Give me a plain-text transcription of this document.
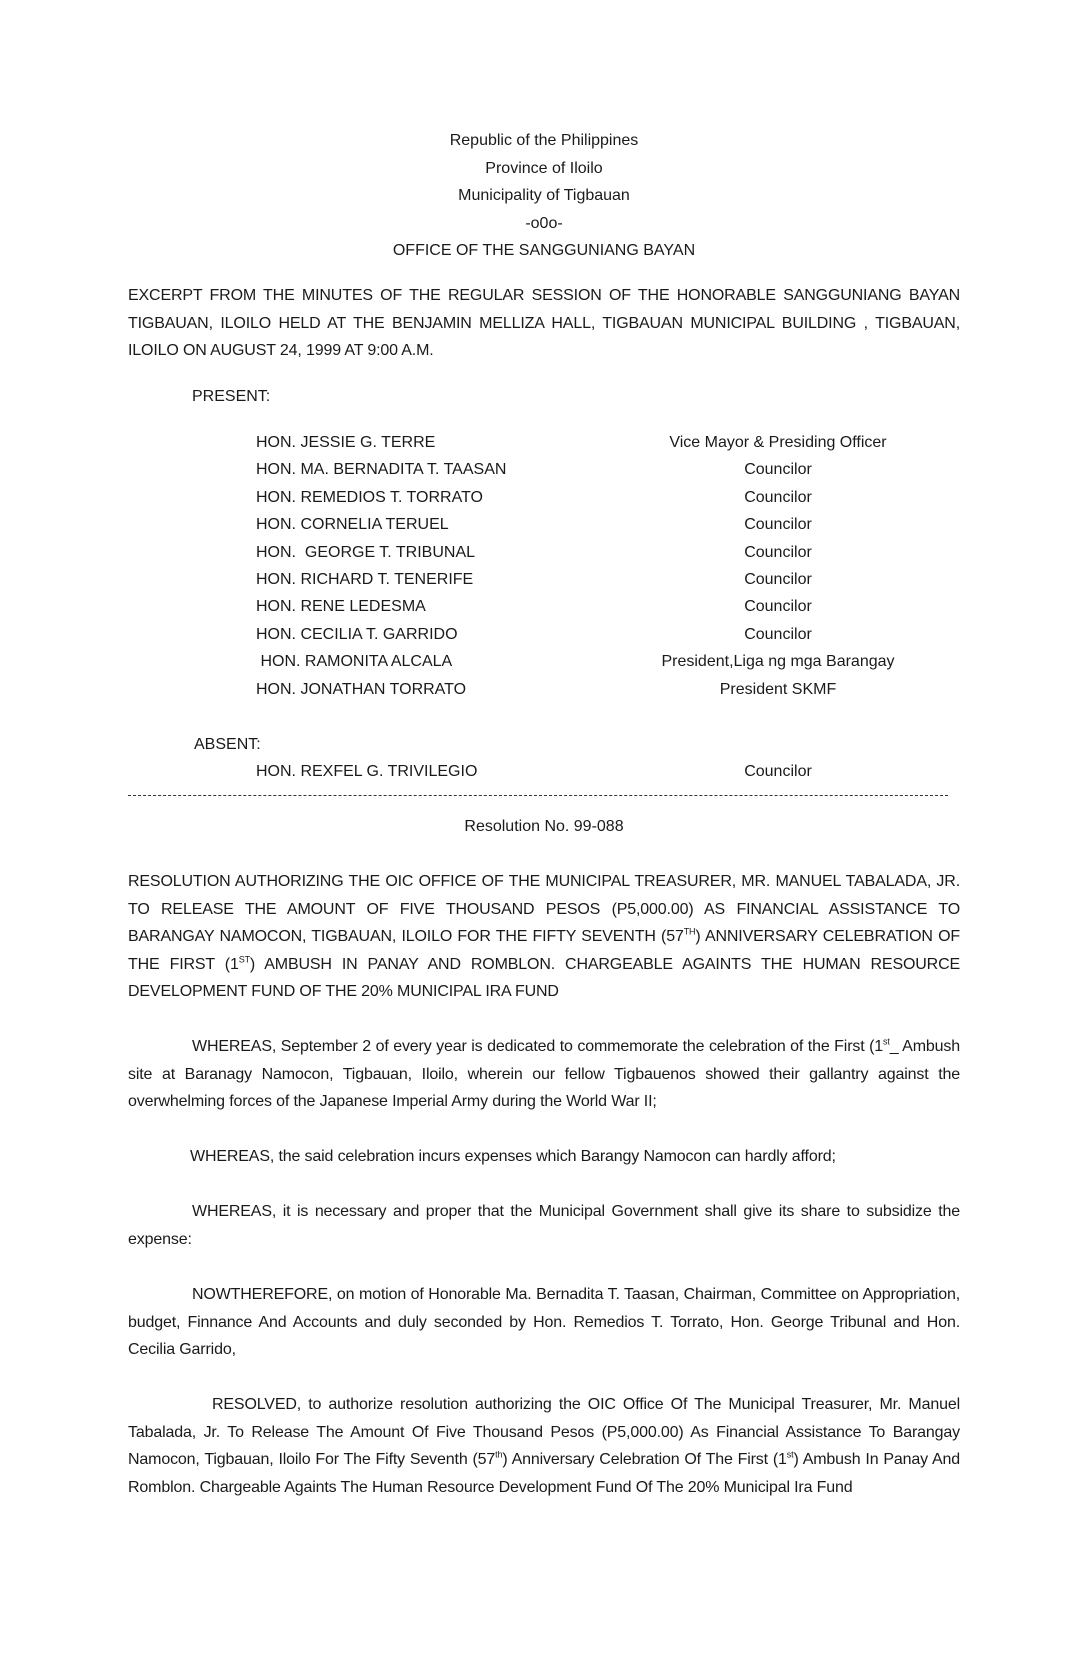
Republic of the Philippines
Province of Iloilo
Municipality of Tigbauan
-o0o-
OFFICE OF THE SANGGUNIANG BAYAN
EXCERPT FROM THE MINUTES OF THE REGULAR SESSION OF THE HONORABLE SANGGUNIANG BAYAN TIGBAUAN, ILOILO HELD AT THE BENJAMIN MELLIZA HALL, TIGBAUAN MUNICIPAL BUILDING , TIGBAUAN, ILOILO ON AUGUST 24, 1999 AT 9:00 A.M.
PRESENT:
HON. JESSIE G. TERRE	Vice Mayor & Presiding Officer
HON. MA. BERNADITA T. TAASAN	Councilor
HON. REMEDIOS T. TORRATO	Councilor
HON. CORNELIA TERUEL	Councilor
HON.  GEORGE T. TRIBUNAL	Councilor
HON. RICHARD T. TENERIFE	Councilor
HON. RENE LEDESMA	Councilor
HON. CECILIA T. GARRIDO	Councilor
HON. RAMONITA ALCALA	President,Liga ng mga Barangay
HON. JONATHAN TORRATO	President SKMF
ABSENT:
HON. REXFEL G. TRIVILEGIO	Councilor
Resolution No. 99-088
RESOLUTION AUTHORIZING THE OIC OFFICE OF THE MUNICIPAL TREASURER, MR. MANUEL TABALADA, JR. TO RELEASE THE AMOUNT OF FIVE THOUSAND PESOS (P5,000.00) AS FINANCIAL ASSISTANCE TO BARANGAY NAMOCON, TIGBAUAN, ILOILO FOR THE FIFTY SEVENTH (57TH) ANNIVERSARY CELEBRATION OF THE FIRST (1ST) AMBUSH IN PANAY AND ROMBLON. CHARGEABLE AGAINTS THE HUMAN RESOURCE DEVELOPMENT FUND OF THE 20% MUNICIPAL IRA FUND
WHEREAS, September 2 of every year is dedicated to commemorate the celebration of the First (1st_ Ambush site at Baranagy Namocon, Tigbauan, Iloilo, wherein our fellow Tigbauenos showed their gallantry against the overwhelming forces of the Japanese Imperial Army during the World War II;
WHEREAS, the said celebration incurs expenses which Barangy Namocon can hardly afford;
WHEREAS, it is necessary and proper that the Municipal Government shall give its share to subsidize the expense:
NOWTHEREFORE, on motion of Honorable Ma. Bernadita T. Taasan, Chairman, Committee on Appropriation, budget, Finnance And Accounts and duly seconded by Hon. Remedios T. Torrato, Hon. George Tribunal and Hon. Cecilia Garrido,
RESOLVED, to authorize resolution authorizing the OIC Office Of The Municipal Treasurer, Mr. Manuel Tabalada, Jr. To Release The Amount Of Five Thousand Pesos (P5,000.00) As Financial Assistance To Barangay Namocon, Tigbauan, Iloilo For The Fifty Seventh (57th) Anniversary Celebration Of The First (1st) Ambush In Panay And Romblon. Chargeable Againts The Human Resource Development Fund Of The 20% Municipal Ira Fund
